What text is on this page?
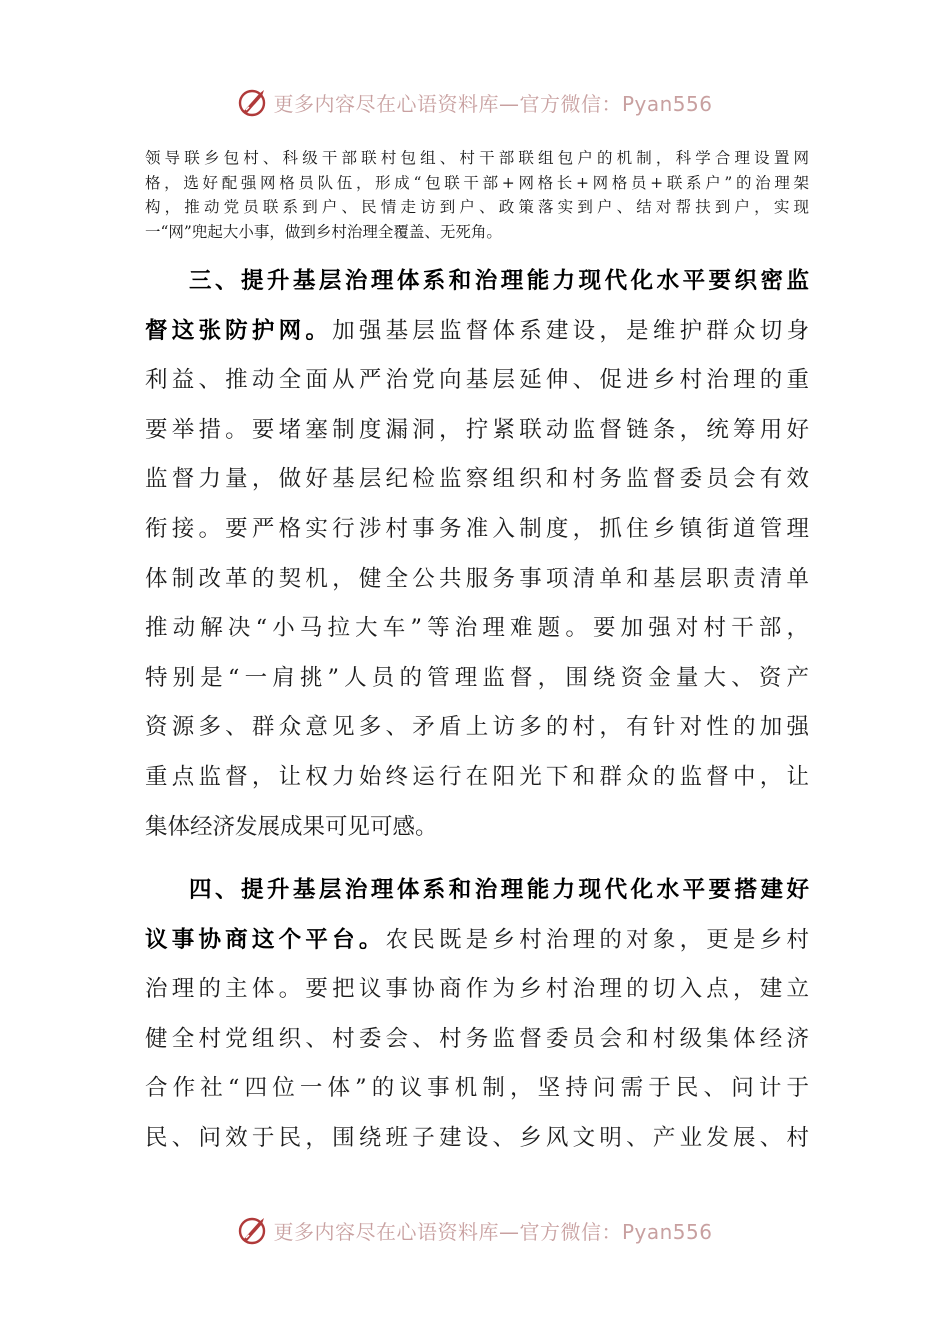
更多内容尽在心语资料库—官方微信：Pyan556
领导联乡包村、科级干部联村包组、村干部联组包户的机制，科学合理设置网
格，选好配强网格员队伍，形成“包联干部+网格长+网格员+联系户”的治理架
构，推动党员联系到户、民情走访到户、政策落实到户、结对帮扶到户，实现
一“网”兜起大小事，做到乡村治理全覆盖、无死角。
三、提升基层治理体系和治理能力现代化水平要织密监
督这张防护网。加强基层监督体系建设，是维护群众切身
利益、推动全面从严治党向基层延伸、促进乡村治理的重
要举措。要堵塞制度漏洞，拧紧联动监督链条，统筹用好
监督力量，做好基层纪检监察组织和村务监督委员会有效
衔接。要严格实行涉村事务准入制度，抓住乡镇街道管理
体制改革的契机，健全公共服务事项清单和基层职责清单
推动解决“小马拉大车”等治理难题。要加强对村干部，
特别是“一肩挑”人员的管理监督，围绕资金量大、资产
资源多、群众意见多、矛盾上访多的村，有针对性的加强
重点监督，让权力始终运行在阳光下和群众的监督中，让
集体经济发展成果可见可感。
四、提升基层治理体系和治理能力现代化水平要搭建好
议事协商这个平台。农民既是乡村治理的对象，更是乡村
治理的主体。要把议事协商作为乡村治理的切入点，建立
健全村党组织、村委会、村务监督委员会和村级集体经济
合作社“四位一体”的议事机制，坚持问需于民、问计于
民、问效于民，围绕班子建设、乡风文明、产业发展、村
更多内容尽在心语资料库—官方微信：Pyan556
